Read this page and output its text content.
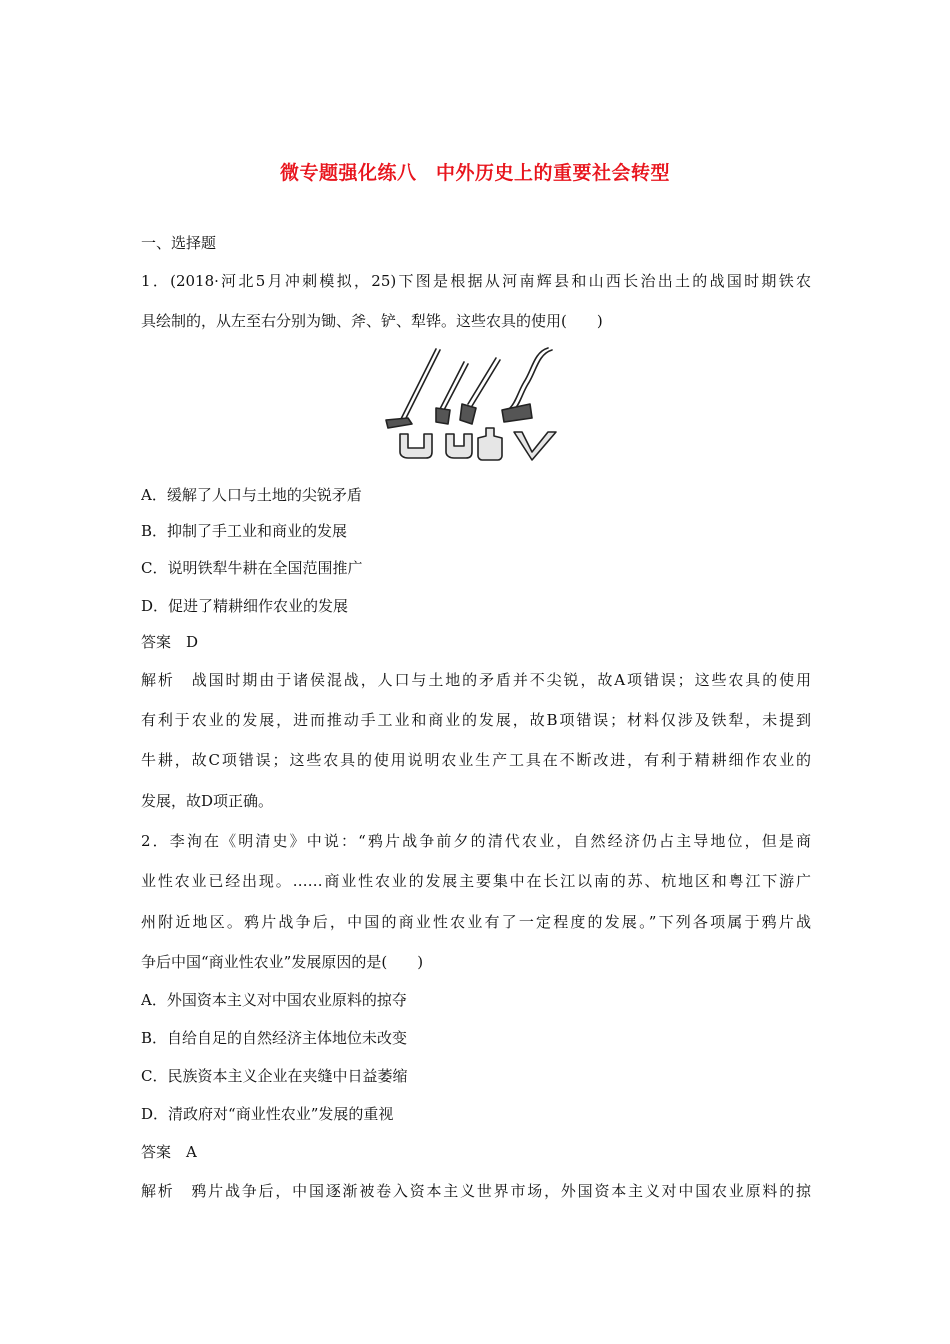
微专题强化练八　中外历史上的重要社会转型
一、选择题
1．(2018·河北5月冲刺模拟，25)下图是根据从河南辉县和山西长治出土的战国时期铁农
具绘制的，从左至右分别为锄、斧、铲、犁铧。这些农具的使用(　　)
A．缓解了人口与土地的尖锐矛盾
B．抑制了手工业和商业的发展
C．说明铁犁牛耕在全国范围推广
D．促进了精耕细作农业的发展
答案　D
解析　战国时期由于诸侯混战，人口与土地的矛盾并不尖锐，故A项错误；这些农具的使用
有利于农业的发展，进而推动手工业和商业的发展，故B项错误；材料仅涉及铁犁，未提到
牛耕，故C项错误；这些农具的使用说明农业生产工具在不断改进，有利于精耕细作农业的
发展，故D项正确。
2．李洵在《明清史》中说：“鸦片战争前夕的清代农业，自然经济仍占主导地位，但是商
业性农业已经出现。……商业性农业的发展主要集中在长江以南的苏、杭地区和粤江下游广
州附近地区。鸦片战争后，中国的商业性农业有了一定程度的发展。”下列各项属于鸦片战
争后中国“商业性农业”发展原因的是(　　)
A．外国资本主义对中国农业原料的掠夺
B．自给自足的自然经济主体地位未改变
C．民族资本主义企业在夹缝中日益萎缩
D．清政府对“商业性农业”发展的重视
答案　A
解析　鸦片战争后，中国逐渐被卷入资本主义世界市场，外国资本主义对中国农业原料的掠
